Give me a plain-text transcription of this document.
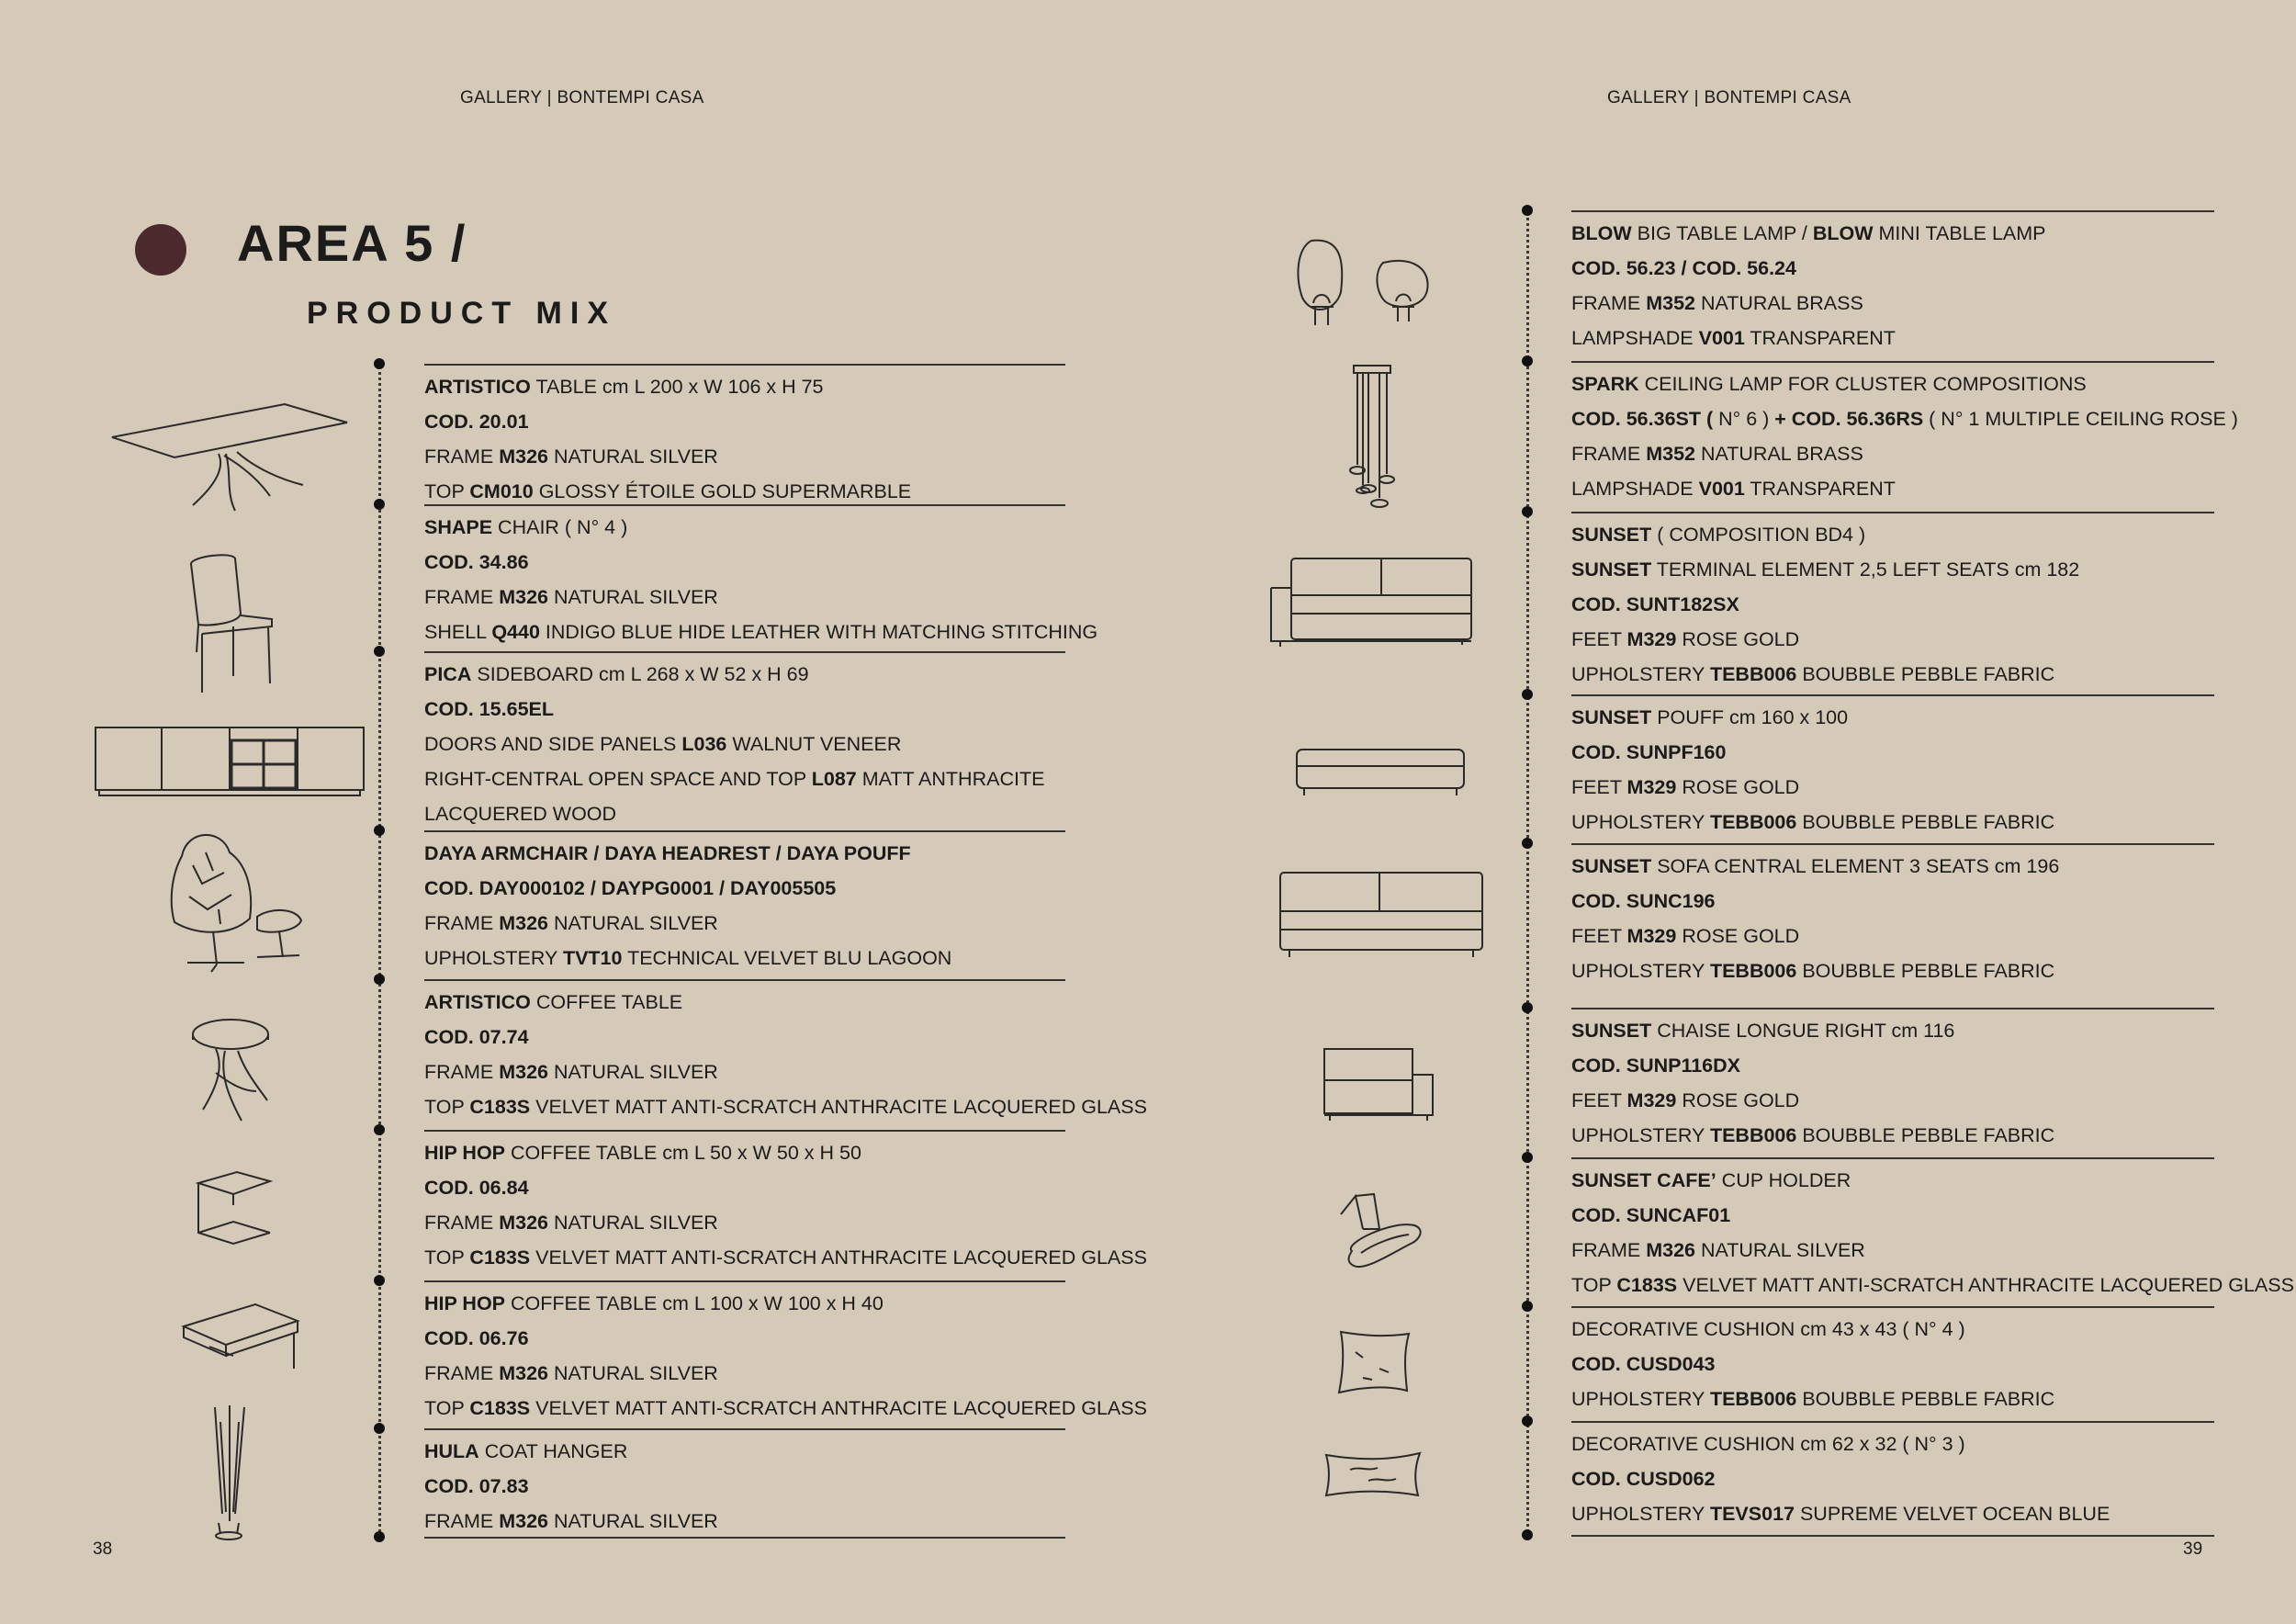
GALLERY | BONTEMPI CASA
AREA 5 /
PRODUCT MIX
38
ARTISTICO TABLE cm L 200 x W 106 x H 75
COD. 20.01
FRAME M326 NATURAL SILVER
TOP CM010 GLOSSY ÉTOILE GOLD SUPERMARBLE
SHAPE CHAIR ( N° 4 )
COD. 34.86
FRAME M326 NATURAL SILVER
SHELL Q440 INDIGO BLUE HIDE LEATHER WITH MATCHING STITCHING
PICA SIDEBOARD cm L 268 x W 52 x H 69
COD. 15.65EL
DOORS AND SIDE PANELS L036 WALNUT VENEER
RIGHT-CENTRAL OPEN SPACE AND TOP L087 MATT ANTHRACITE
LACQUERED WOOD
DAYA ARMCHAIR / DAYA HEADREST / DAYA POUFF
COD. DAY000102 / DAYPG0001 / DAY005505
FRAME M326 NATURAL SILVER
UPHOLSTERY TVT10 TECHNICAL VELVET BLU LAGOON
ARTISTICO COFFEE TABLE
COD. 07.74
FRAME M326 NATURAL SILVER
TOP C183S VELVET MATT ANTI-SCRATCH ANTHRACITE LACQUERED GLASS
HIP HOP COFFEE TABLE cm L 50 x W 50 x H 50
COD. 06.84
FRAME M326 NATURAL SILVER
TOP C183S VELVET MATT ANTI-SCRATCH ANTHRACITE LACQUERED GLASS
HIP HOP COFFEE TABLE cm L 100 x W 100 x H 40
COD. 06.76
FRAME M326 NATURAL SILVER
TOP C183S VELVET MATT ANTI-SCRATCH ANTHRACITE LACQUERED GLASS
HULA COAT HANGER
COD. 07.83
FRAME M326 NATURAL SILVER
GALLERY | BONTEMPI CASA
39
BLOW BIG TABLE LAMP / BLOW MINI TABLE LAMP
COD. 56.23 / COD. 56.24
FRAME M352 NATURAL BRASS
LAMPSHADE V001 TRANSPARENT
SPARK CEILING LAMP FOR CLUSTER COMPOSITIONS
COD. 56.36ST ( N° 6 ) + COD. 56.36RS ( N° 1 MULTIPLE CEILING ROSE )
FRAME M352 NATURAL BRASS
LAMPSHADE V001 TRANSPARENT
SUNSET ( COMPOSITION BD4 )
SUNSET TERMINAL ELEMENT 2,5 LEFT SEATS cm 182
COD. SUNT182SX
FEET M329 ROSE GOLD
UPHOLSTERY TEBB006 BOUBBLE PEBBLE FABRIC
SUNSET POUFF cm 160 x 100
COD. SUNPF160
FEET M329 ROSE GOLD
UPHOLSTERY TEBB006 BOUBBLE PEBBLE FABRIC
SUNSET SOFA CENTRAL ELEMENT 3 SEATS cm 196
COD. SUNC196
FEET M329 ROSE GOLD
UPHOLSTERY TEBB006 BOUBBLE PEBBLE FABRIC
SUNSET CHAISE LONGUE RIGHT cm 116
COD. SUNP116DX
FEET M329 ROSE GOLD
UPHOLSTERY TEBB006 BOUBBLE PEBBLE FABRIC
SUNSET CAFE’ CUP HOLDER
COD. SUNCAF01
FRAME M326 NATURAL SILVER
TOP C183S VELVET MATT ANTI-SCRATCH ANTHRACITE LACQUERED GLASS
DECORATIVE CUSHION cm 43 x 43 ( N° 4 )
COD. CUSD043
UPHOLSTERY TEBB006 BOUBBLE PEBBLE FABRIC
DECORATIVE CUSHION cm 62 x 32 ( N° 3 )
COD. CUSD062
UPHOLSTERY TEVS017 SUPREME VELVET OCEAN BLUE
